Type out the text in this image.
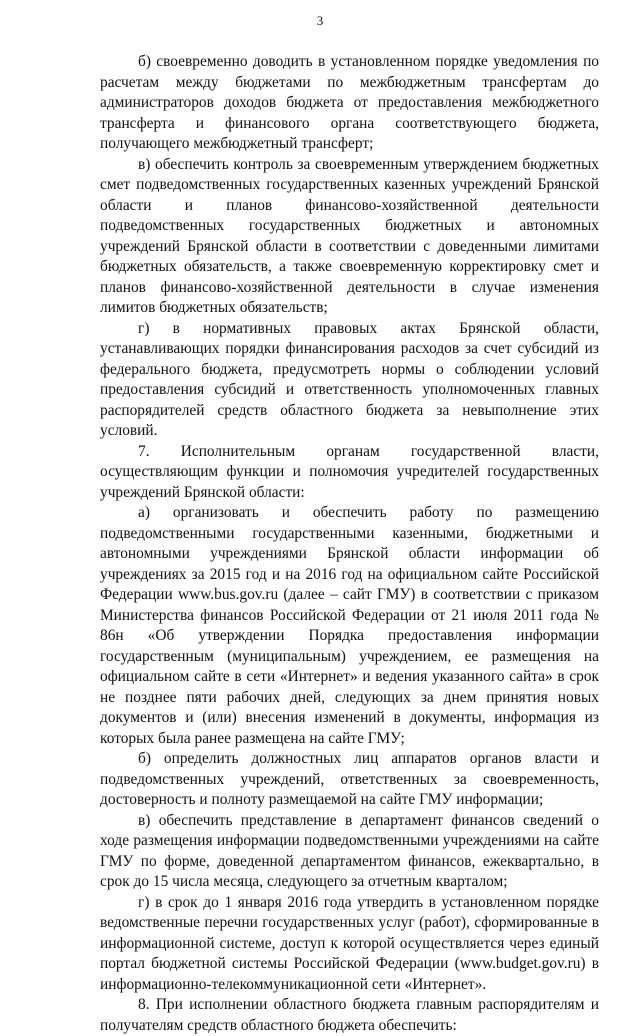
3

б) своевременно доводить в установленном порядке уведомления по расчетам между бюджетами по межбюджетным трансфертам до администраторов доходов бюджета от предоставления межбюджетного трансферта и финансового органа соответствующего бюджета, получающего межбюджетный трансферт;

в) обеспечить контроль за своевременным утверждением бюджетных смет подведомственных государственных казенных учреждений Брянской области и планов финансово-хозяйственной деятельности подведомственных государственных бюджетных и автономных учреждений Брянской области в соответствии с доведенными лимитами бюджетных обязательств, а также своевременную корректировку смет и планов финансово-хозяйственной деятельности в случае изменения лимитов бюджетных обязательств;

г) в нормативных правовых актах Брянской области, устанавливающих порядки финансирования расходов за счет субсидий из федерального бюджета, предусмотреть нормы о соблюдении условий предоставления субсидий и ответственность уполномоченных главных распорядителей средств областного бюджета за невыполнение этих условий.

7. Исполнительным органам государственной власти, осуществляющим функции и полномочия учредителей государственных учреждений Брянской области:

а) организовать и обеспечить работу по размещению подведомственными государственными казенными, бюджетными и автономными учреждениями Брянской области информации об учреждениях за 2015 год и на 2016 год на официальном сайте Российской Федерации www.bus.gov.ru (далее – сайт ГМУ) в соответствии с приказом Министерства финансов Российской Федерации от 21 июля 2011 года № 86н «Об утверждении Порядка предоставления информации государственным (муниципальным) учреждением, ее размещения на официальном сайте в сети «Интернет» и ведения указанного сайта» в срок не позднее пяти рабочих дней, следующих за днем принятия новых документов и (или) внесения изменений в документы, информация из которых была ранее размещена на сайте ГМУ;

б) определить должностных лиц аппаратов органов власти и подведомственных учреждений, ответственных за своевременность, достоверность и полноту размещаемой на сайте ГМУ информации;

в) обеспечить представление в департамент финансов сведений о ходе размещения информации подведомственными учреждениями на сайте ГМУ по форме, доведенной департаментом финансов, ежеквартально, в срок до 15 числа месяца, следующего за отчетным кварталом;

г) в срок до 1 января 2016 года утвердить в установленном порядке ведомственные перечни государственных услуг (работ), сформированные в информационной системе, доступ к которой осуществляется через единый портал бюджетной системы Российской Федерации (www.budget.gov.ru) в информационно-телекоммуникационной сети «Интернет».

8. При исполнении областного бюджета главным распорядителям и получателям средств областного бюджета обеспечить:
